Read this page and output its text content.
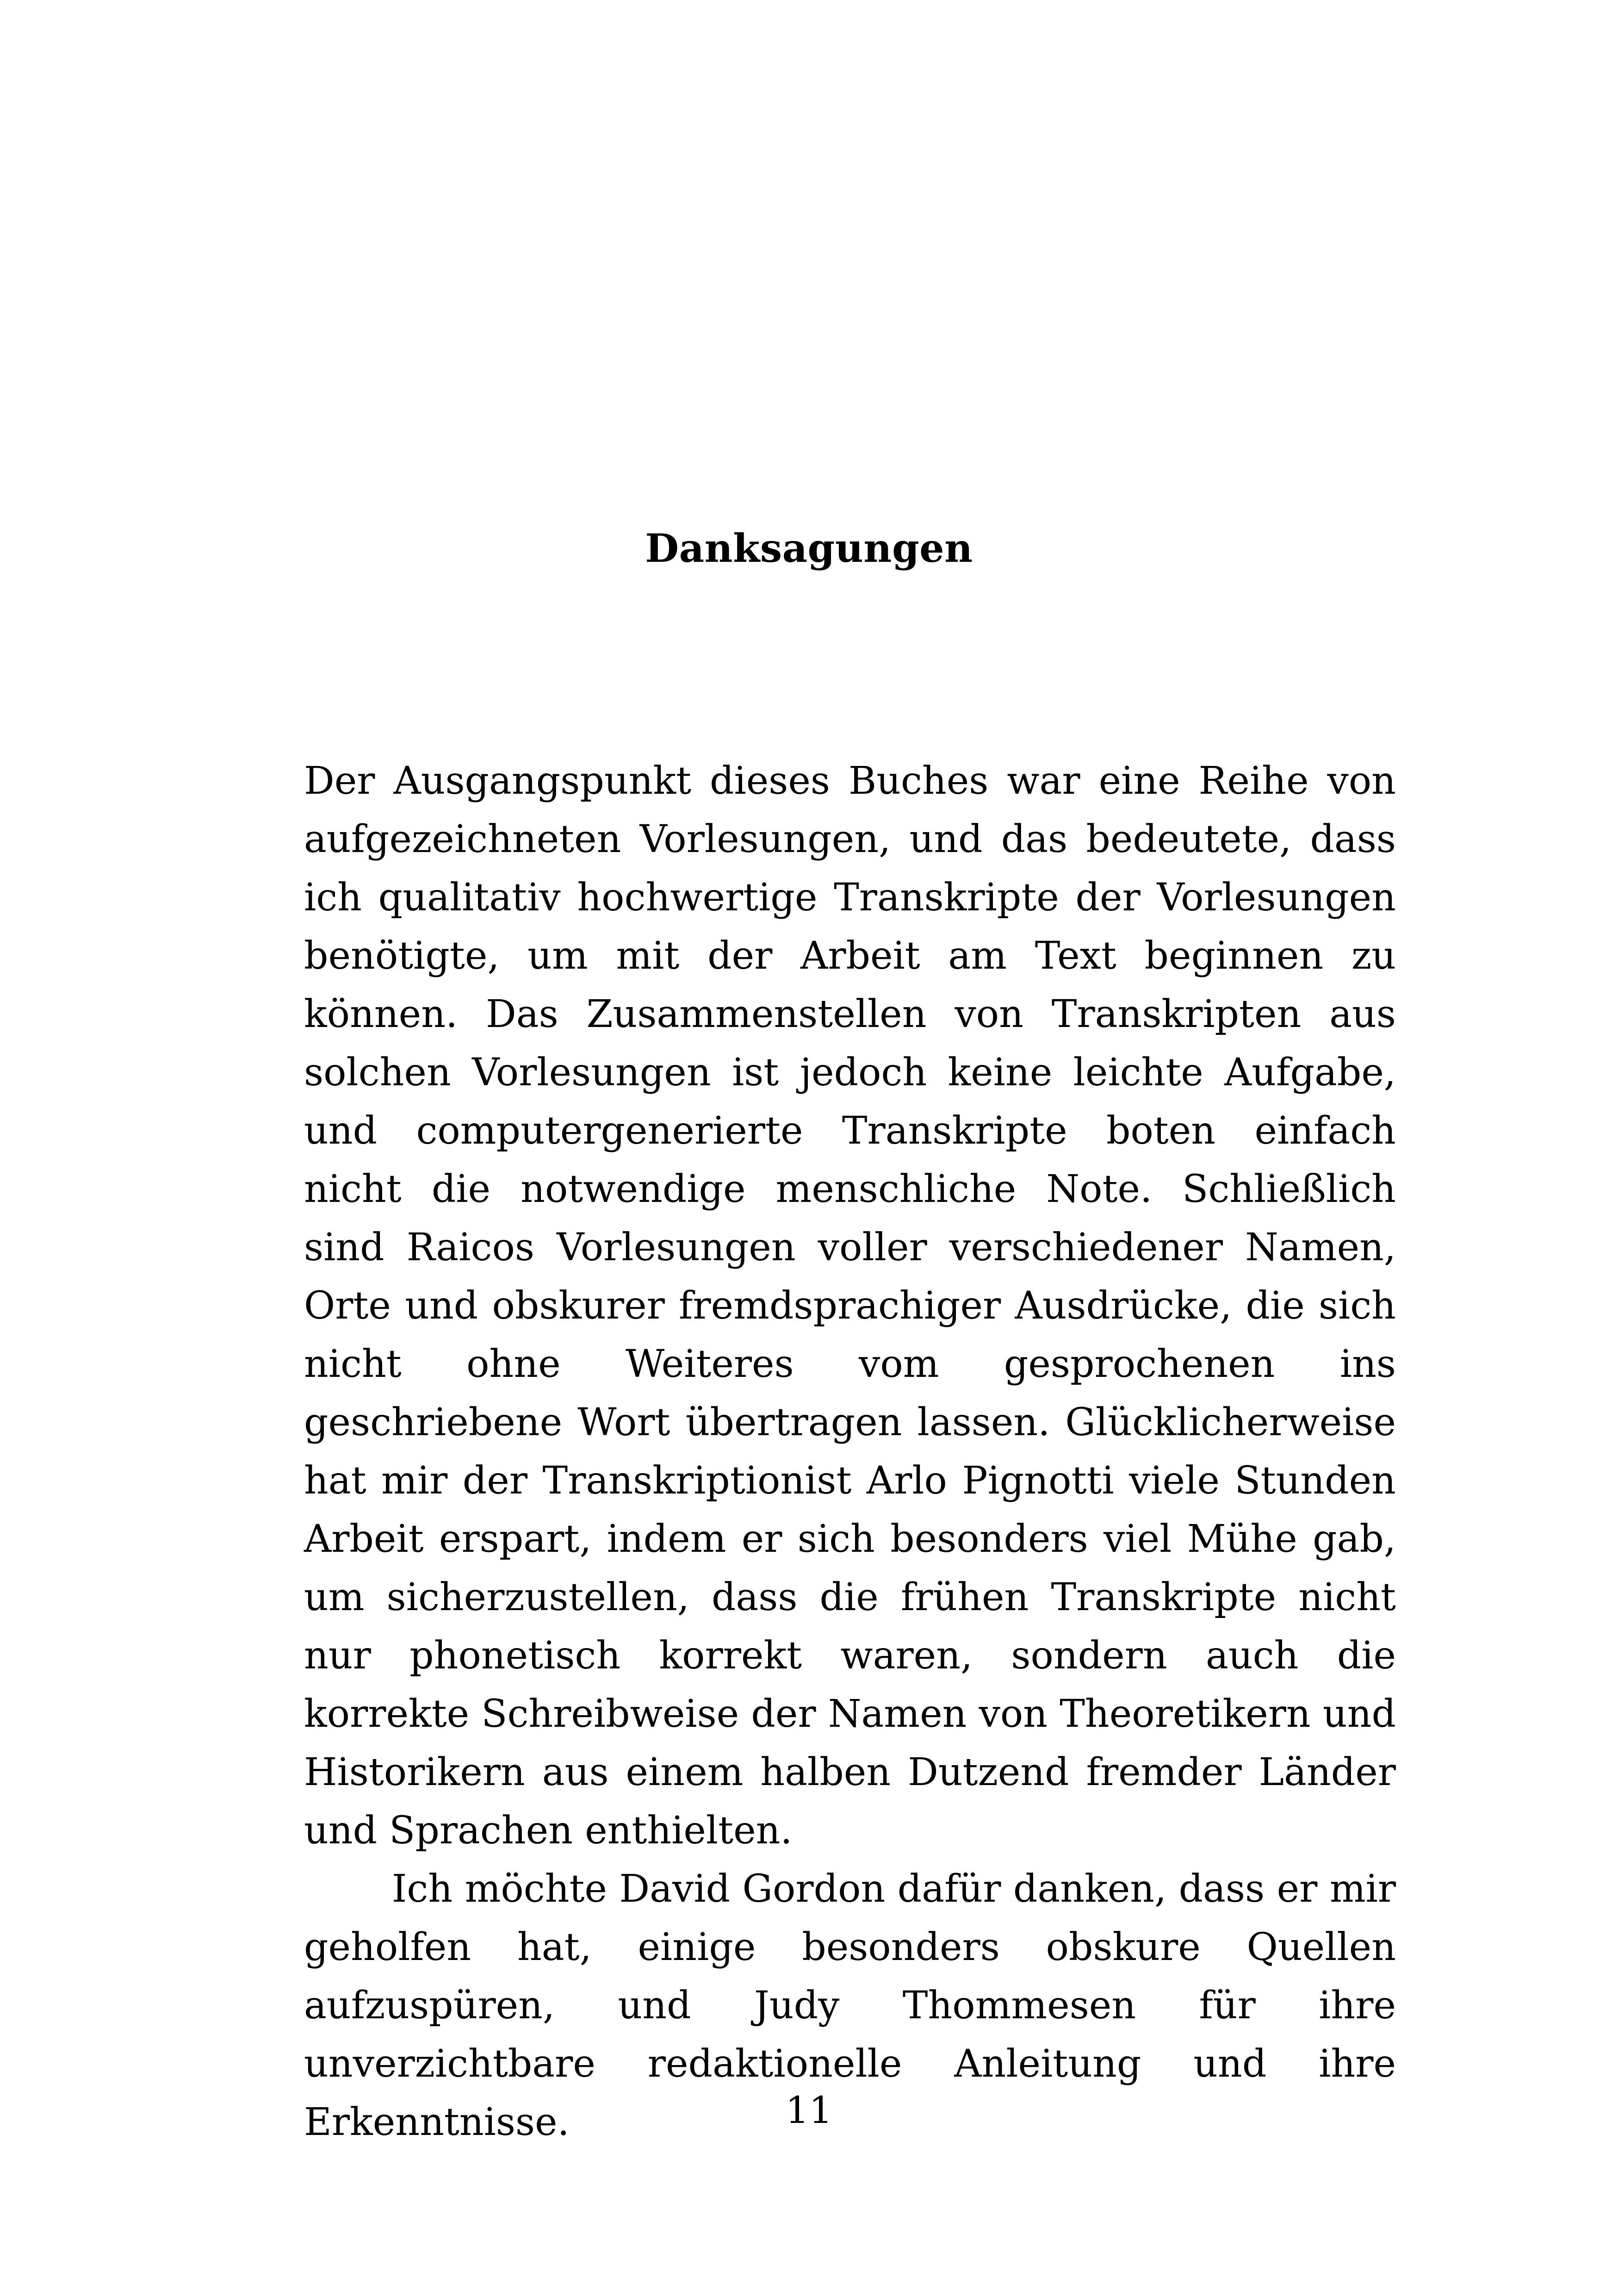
Danksagungen

Der Ausgangspunkt dieses Buches war eine Reihe von aufgezeichneten Vorlesungen, und das bedeutete, dass ich qualitativ hochwertige Transkripte der Vorlesungen benötigte, um mit der Arbeit am Text beginnen zu können. Das Zusammenstellen von Transkripten aus solchen Vorlesungen ist jedoch keine leichte Aufgabe, und computergenerierte Transkripte boten einfach nicht die notwendige menschliche Note. Schließlich sind Raicos Vorlesungen voller verschiedener Namen, Orte und obskurer fremdsprachiger Ausdrücke, die sich nicht ohne Weiteres vom gesprochenen ins geschriebene Wort übertragen lassen. Glücklicherweise hat mir der Transkriptionist Arlo Pignotti viele Stunden Arbeit erspart, indem er sich besonders viel Mühe gab, um sicherzustellen, dass die frühen Transkripte nicht nur phonetisch korrekt waren, sondern auch die korrekte Schreibweise der Namen von Theoretikern und Historikern aus einem halben Dutzend fremder Länder und Sprachen enthielten.

Ich möchte David Gordon dafür danken, dass er mir geholfen hat, einige besonders obskure Quellen aufzuspüren, und Judy Thommesen für ihre unverzichtbare redaktionelle Anleitung und ihre Erkenntnisse.	11
